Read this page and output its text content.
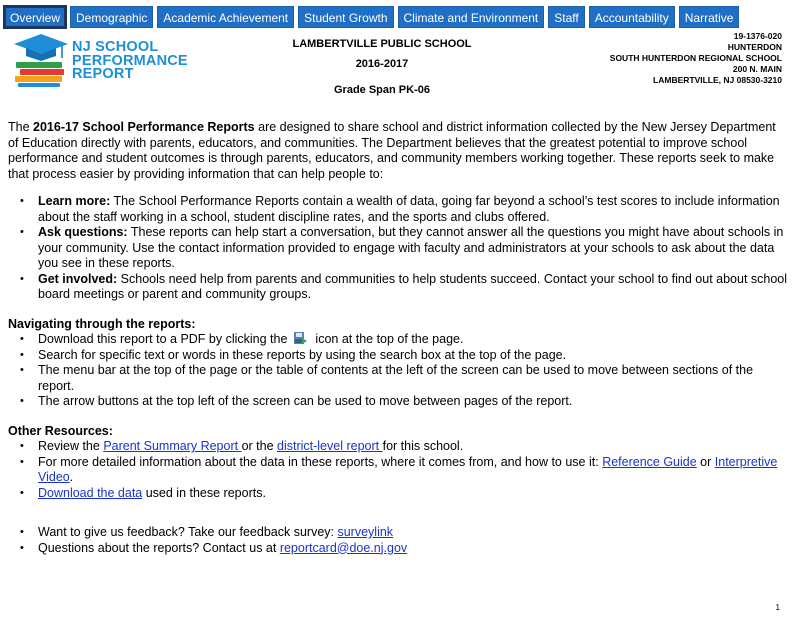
Overview	Demographic	Academic Achievement	Student Growth	Climate and Environment	Staff	Accountability	Narrative
NJ SCHOOL
PERFORMANCE
REPORT
LAMBERTVILLE PUBLIC SCHOOL
2016-2017
Grade Span PK-06
19-1376-020
HUNTERDON
SOUTH HUNTERDON REGIONAL SCHOOL
200 N. MAIN
LAMBERTVILLE, NJ 08530-3210

The 2016-17 School Performance Reports are designed to share school and district information collected by the New Jersey Department of Education directly with parents, educators, and communities. The Department believes that the greatest potential to improve school performance and student outcomes is through parents, educators, and community members working together. These reports seek to make that process easier by providing information that can help people to:

• Learn more: The School Performance Reports contain a wealth of data, going far beyond a school’s test scores to include information about the staff working in a school, student discipline rates, and the sports and clubs offered.
• Ask questions: These reports can help start a conversation, but they cannot answer all the questions you might have about schools in your community. Use the contact information provided to engage with faculty and administrators at your schools to ask about the data you see in these reports.
• Get involved: Schools need help from parents and communities to help students succeed. Contact your school to find out about school board meetings or parent and community groups.
Navigating through the reports:
• Download this report to a PDF by clicking the icon at the top of the page.
• Search for specific text or words in these reports by using the search box at the top of the page.
• The menu bar at the top of the page or the table of contents at the left of the screen can be used to move between sections of the report.
• The arrow buttons at the top left of the screen can be used to move between pages of the report.
Other Resources:
• Review the Parent Summary Report or the district-level report for this school.
• For more detailed information about the data in these reports, where it comes from, and how to use it: Reference Guide or Interpretive Video.
• Download the data used in these reports.
• Want to give us feedback? Take our feedback survey: surveylink
• Questions about the reports? Contact us at reportcard@doe.nj.gov
1
